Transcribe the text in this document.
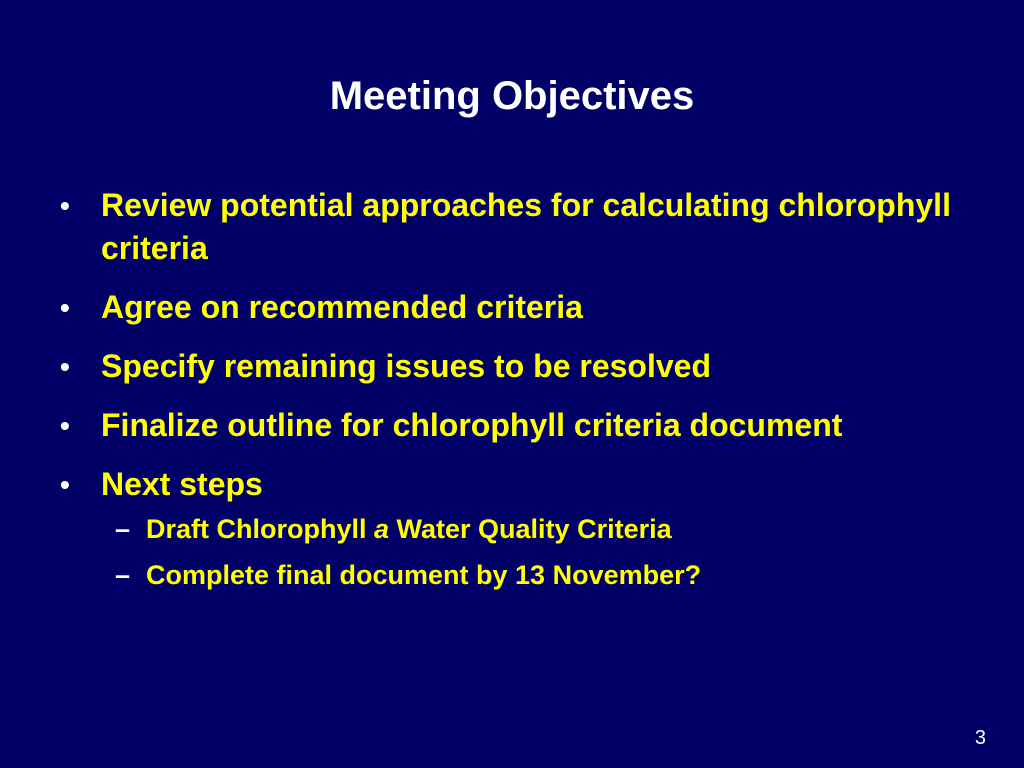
Meeting Objectives
• Review potential approaches for calculating chlorophyll criteria
• Agree on recommended criteria
• Specify remaining issues to be resolved
• Finalize outline for chlorophyll criteria document
• Next steps
– Draft Chlorophyll a Water Quality Criteria
– Complete final document by 13 November?
3
